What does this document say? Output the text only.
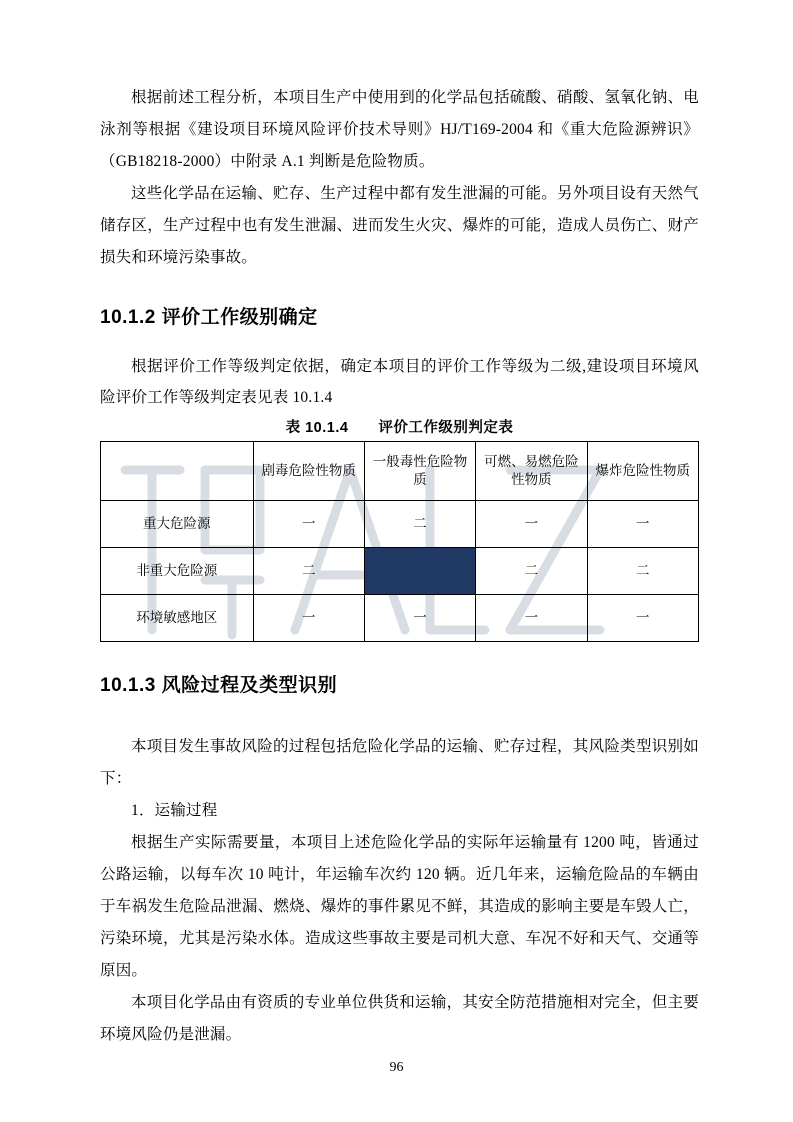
根据前述工程分析，本项目生产中使用到的化学品包括硫酸、硝酸、氢氧化钠、电泳剂等根据《建设项目环境风险评价技术导则》HJ/T169-2004 和《重大危险源辨识》（GB18218-2000）中附录 A.1 判断是危险物质。

这些化学品在运输、贮存、生产过程中都有发生泄漏的可能。另外项目设有天然气储存区，生产过程中也有发生泄漏、进而发生火灾、爆炸的可能，造成人员伤亡、财产损失和环境污染事故。

10.1.2 评价工作级别确定

根据评价工作等级判定依据，确定本项目的评价工作等级为二级,建设项目环境风险评价工作等级判定表见表 10.1.4

表 10.1.4　　评价工作级别判定表
	剧毒危险性物质	一般毒性危险物质	可燃、易燃危险性物质	爆炸危险性物质
重大危险源	一	二	一	一
非重大危险源	二	二	二	二
环境敏感地区	一	一	一	一
10.1.3 风险过程及类型识别

本项目发生事故风险的过程包括危险化学品的运输、贮存过程，其风险类型识别如下：

1．运输过程

根据生产实际需要量，本项目上述危险化学品的实际年运输量有 1200 吨，皆通过公路运输，以每车次 10 吨计，年运输车次约 120 辆。近几年来，运输危险品的车辆由于车祸发生危险品泄漏、燃烧、爆炸的事件累见不鲜，其造成的影响主要是车毁人亡，污染环境，尤其是污染水体。造成这些事故主要是司机大意、车况不好和天气、交通等原因。

本项目化学品由有资质的专业单位供货和运输，其安全防范措施相对完全，但主要环境风险仍是泄漏。

96
